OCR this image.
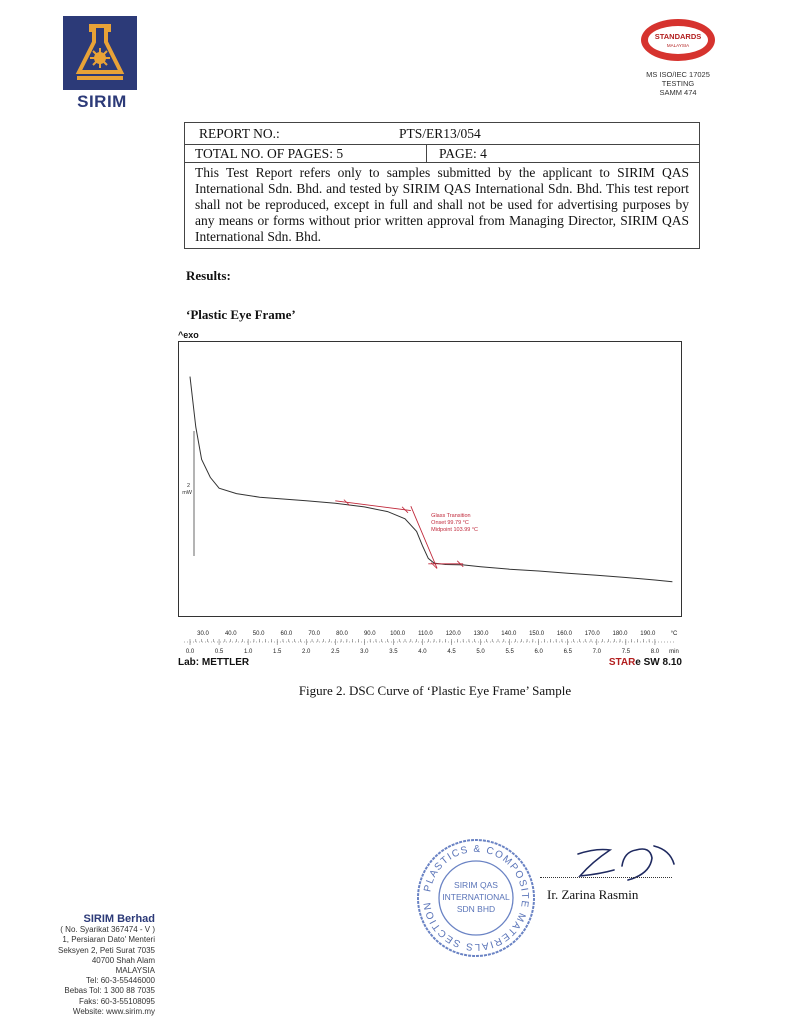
SIRIM
STANDARDS
MALAYSIA
MS ISO/IEC 17025
TESTING
SAMM 474
REPORT NO.:	PTS/ER13/054
TOTAL NO. OF PAGES: 5	PAGE: 4
This Test Report refers only to samples submitted by the applicant to SIRIM QAS International Sdn. Bhd. and tested by SIRIM QAS International Sdn. Bhd. This test report shall not be reproduced, except in full and shall not be used for advertising purposes by any means or forms without prior written approval from Managing Director, SIRIM QAS International Sdn. Bhd.
Results:
‘Plastic Eye Frame’
^exo
2
mW
Glass Transition
Onset 99.79 °C
Midpoint 103.99 °C
30.0	40.0	50.0	60.0	70.0	80.0	90.0 100.0 110.0 120.0 130.0 140.0 150.0 160.0 170.0 180.0 190.0	°C
0.0	0.5	1.0	1.5	2.0	2.5	3.0	3.5	4.0	4.5	5.0	5.5	6.0	6.5	7.0	7.5	8.0 min
Lab: METTLER	STARe SW 8.10
Figure 2. DSC Curve of ‘Plastic Eye Frame’ Sample
PLASTICS & COMPOSITE MATERIALS SECTION
SIRIM QAS
INTERNATIONAL
SDN BHD
Ir. Zarina Rasmin
SIRIM Berhad
( No. Syarikat 367474 - V )
1, Persiaran Dato' Menteri
Seksyen 2, Peti Surat 7035
40700 Shah Alam
MALAYSIA
Tel: 60-3-55446000
Bebas Tol: 1 300 88 7035
Faks: 60-3-55108095
Website: www.sirim.my
